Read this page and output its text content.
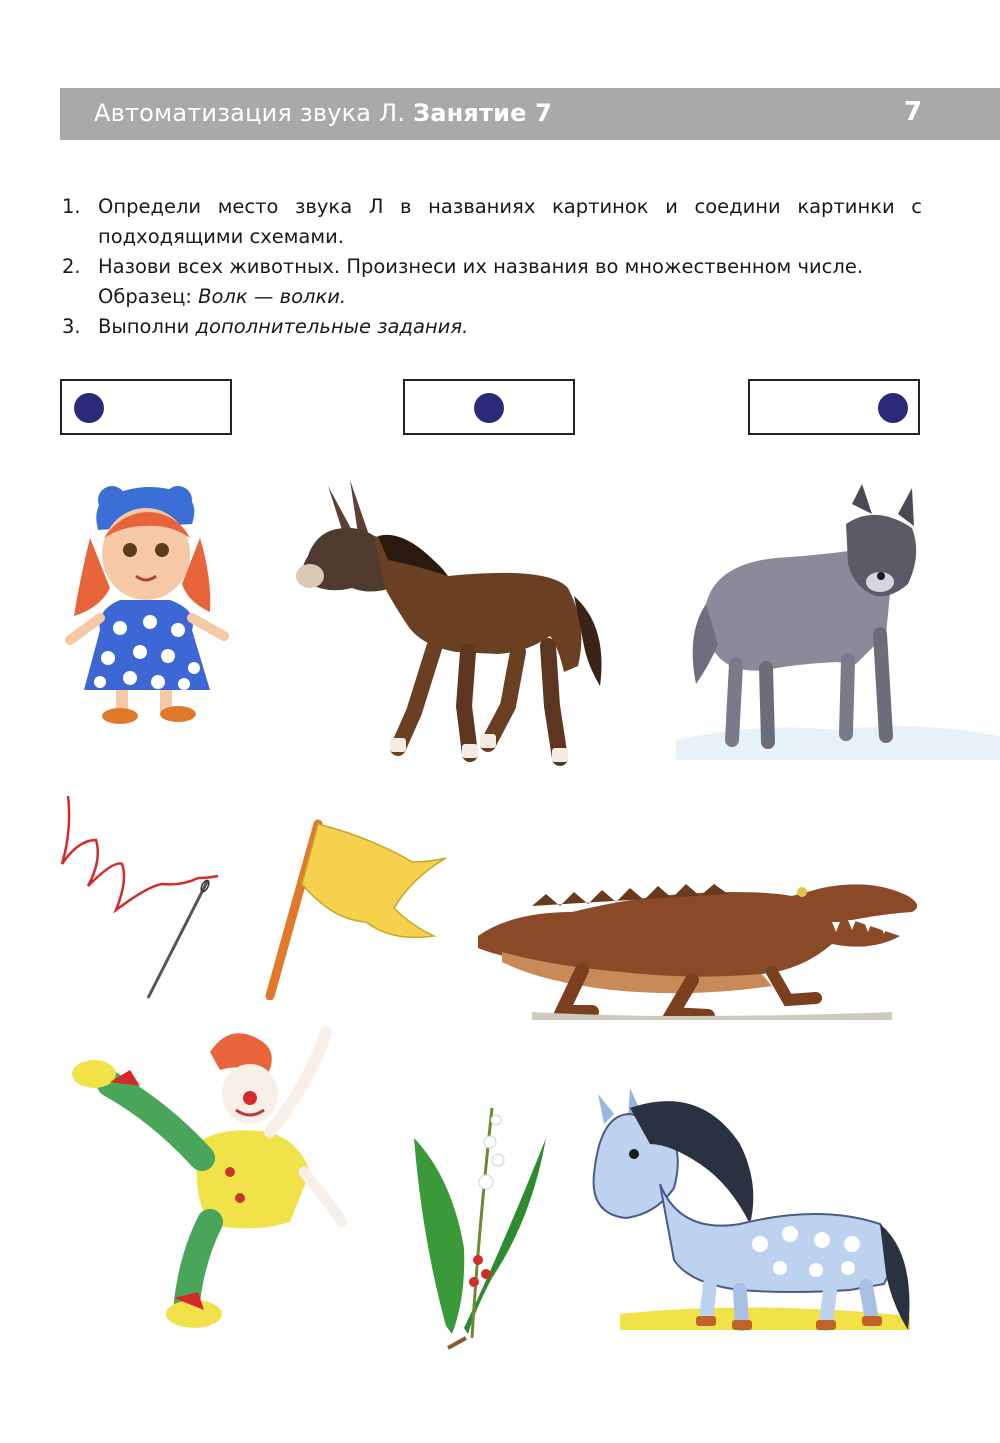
Автоматизация звука Л. Занятие 7	7
1. Определи место звука Л в названиях картинок и соедини картинки с подходящими схемами.
2. Назови всех животных. Произнеси их названия во множественном числе.
Образец: Волк — волки.
3. Выполни дополнительные задания.
